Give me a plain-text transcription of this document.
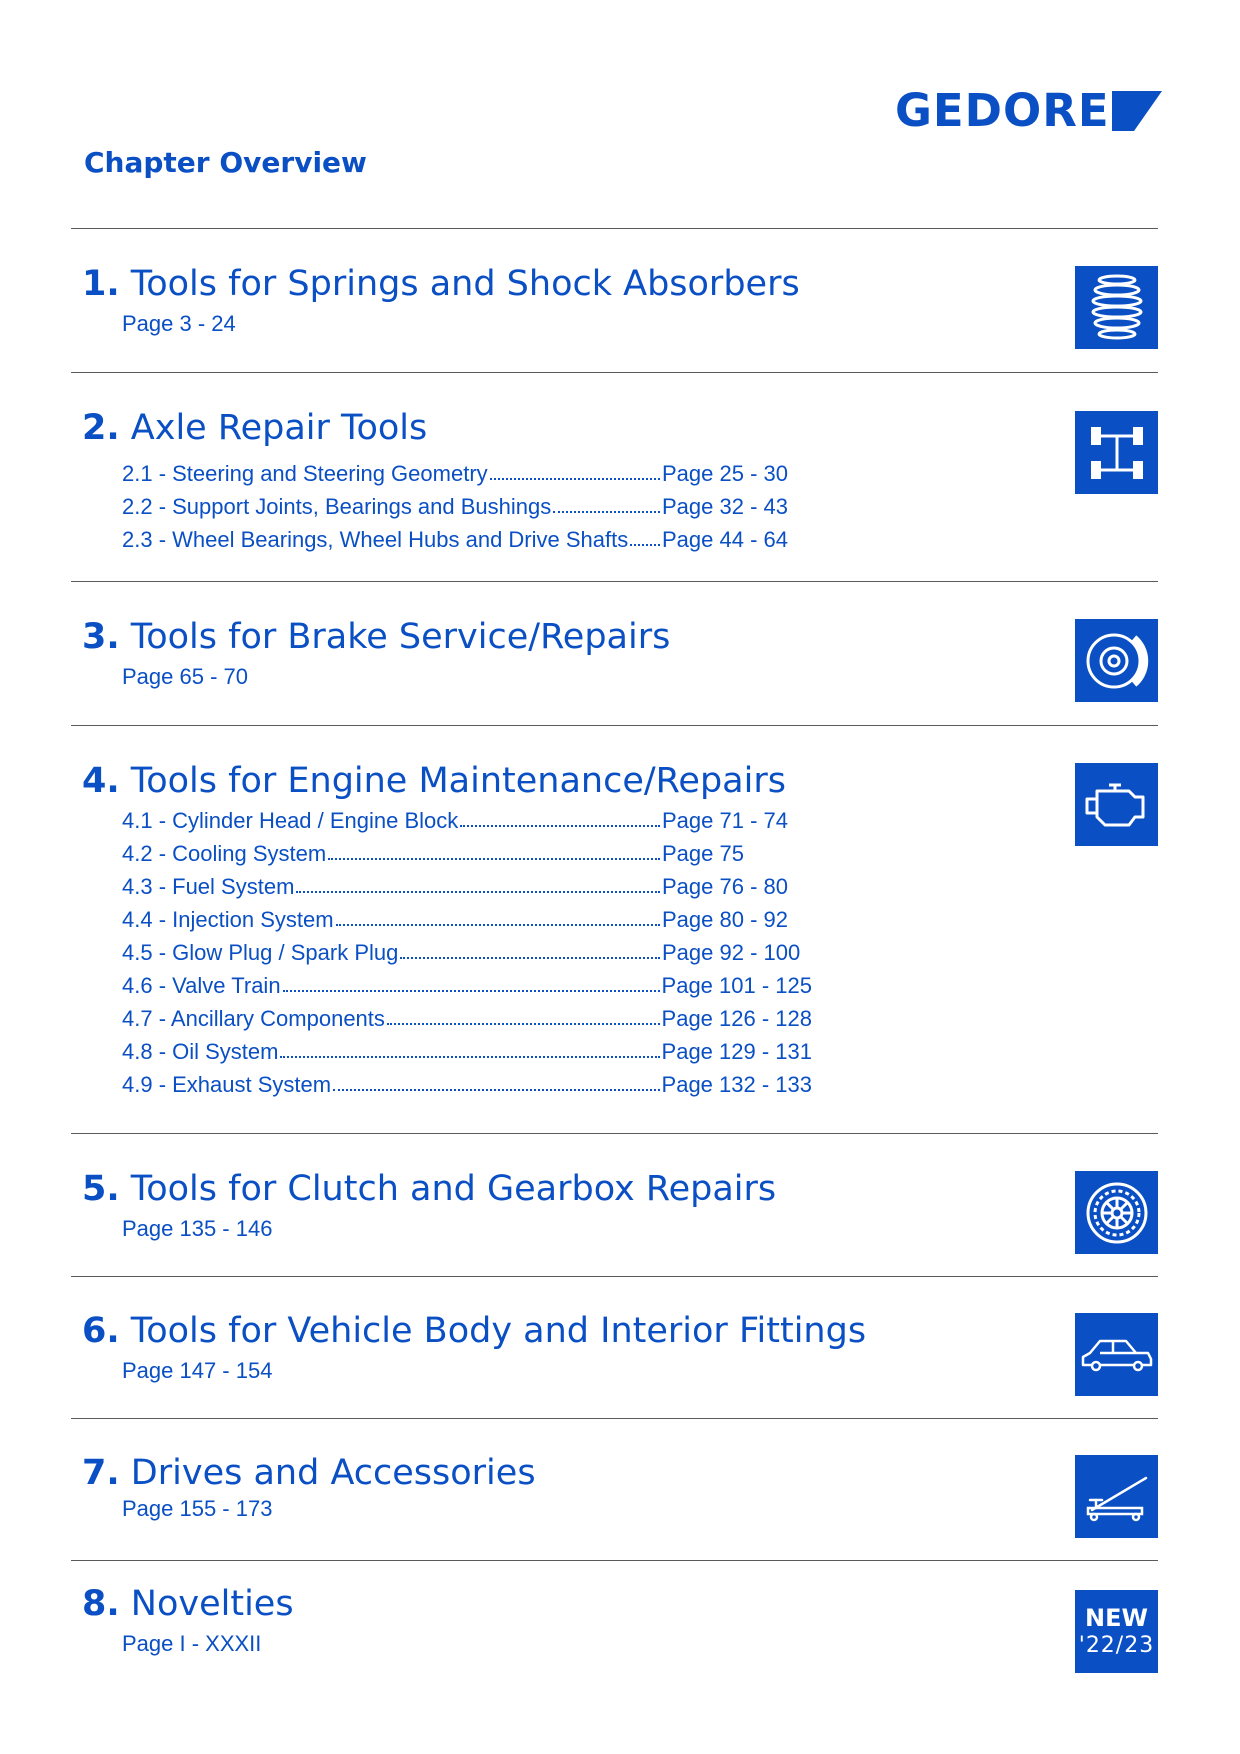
GEDORE
Chapter Overview
1. Tools for Springs and Shock Absorbers
Page 3 - 24
2. Axle Repair Tools
2.1 - Steering and Steering Geometry	Page 25 - 30
2.2 - Support Joints, Bearings and Bushings	Page 32 - 43
2.3 - Wheel Bearings, Wheel Hubs and Drive Shafts Page 44 - 64
3. Tools for Brake Service/Repairs
Page 65 - 70
4. Tools for Engine Maintenance/Repairs
4.1 - Cylinder Head / Engine Block	Page 71 - 74
4.2 - Cooling System	Page 75
4.3 - Fuel System	Page 76 - 80
4.4 - Injection System	Page 80 - 92
4.5 - Glow Plug / Spark Plug	Page 92 - 100
4.6 - Valve Train	Page 101 - 125
4.7 - Ancillary Components	Page 126 - 128
4.8 - Oil System	Page 129 - 131
4.9 - Exhaust System	Page 132 - 133
5. Tools for Clutch and Gearbox Repairs
Page 135 - 146
6. Tools for Vehicle Body and Interior Fittings
Page 147 - 154
7. Drives and Accessories
Page 155 - 173
8. Novelties
Page I - XXXII
NEW
'22/23
